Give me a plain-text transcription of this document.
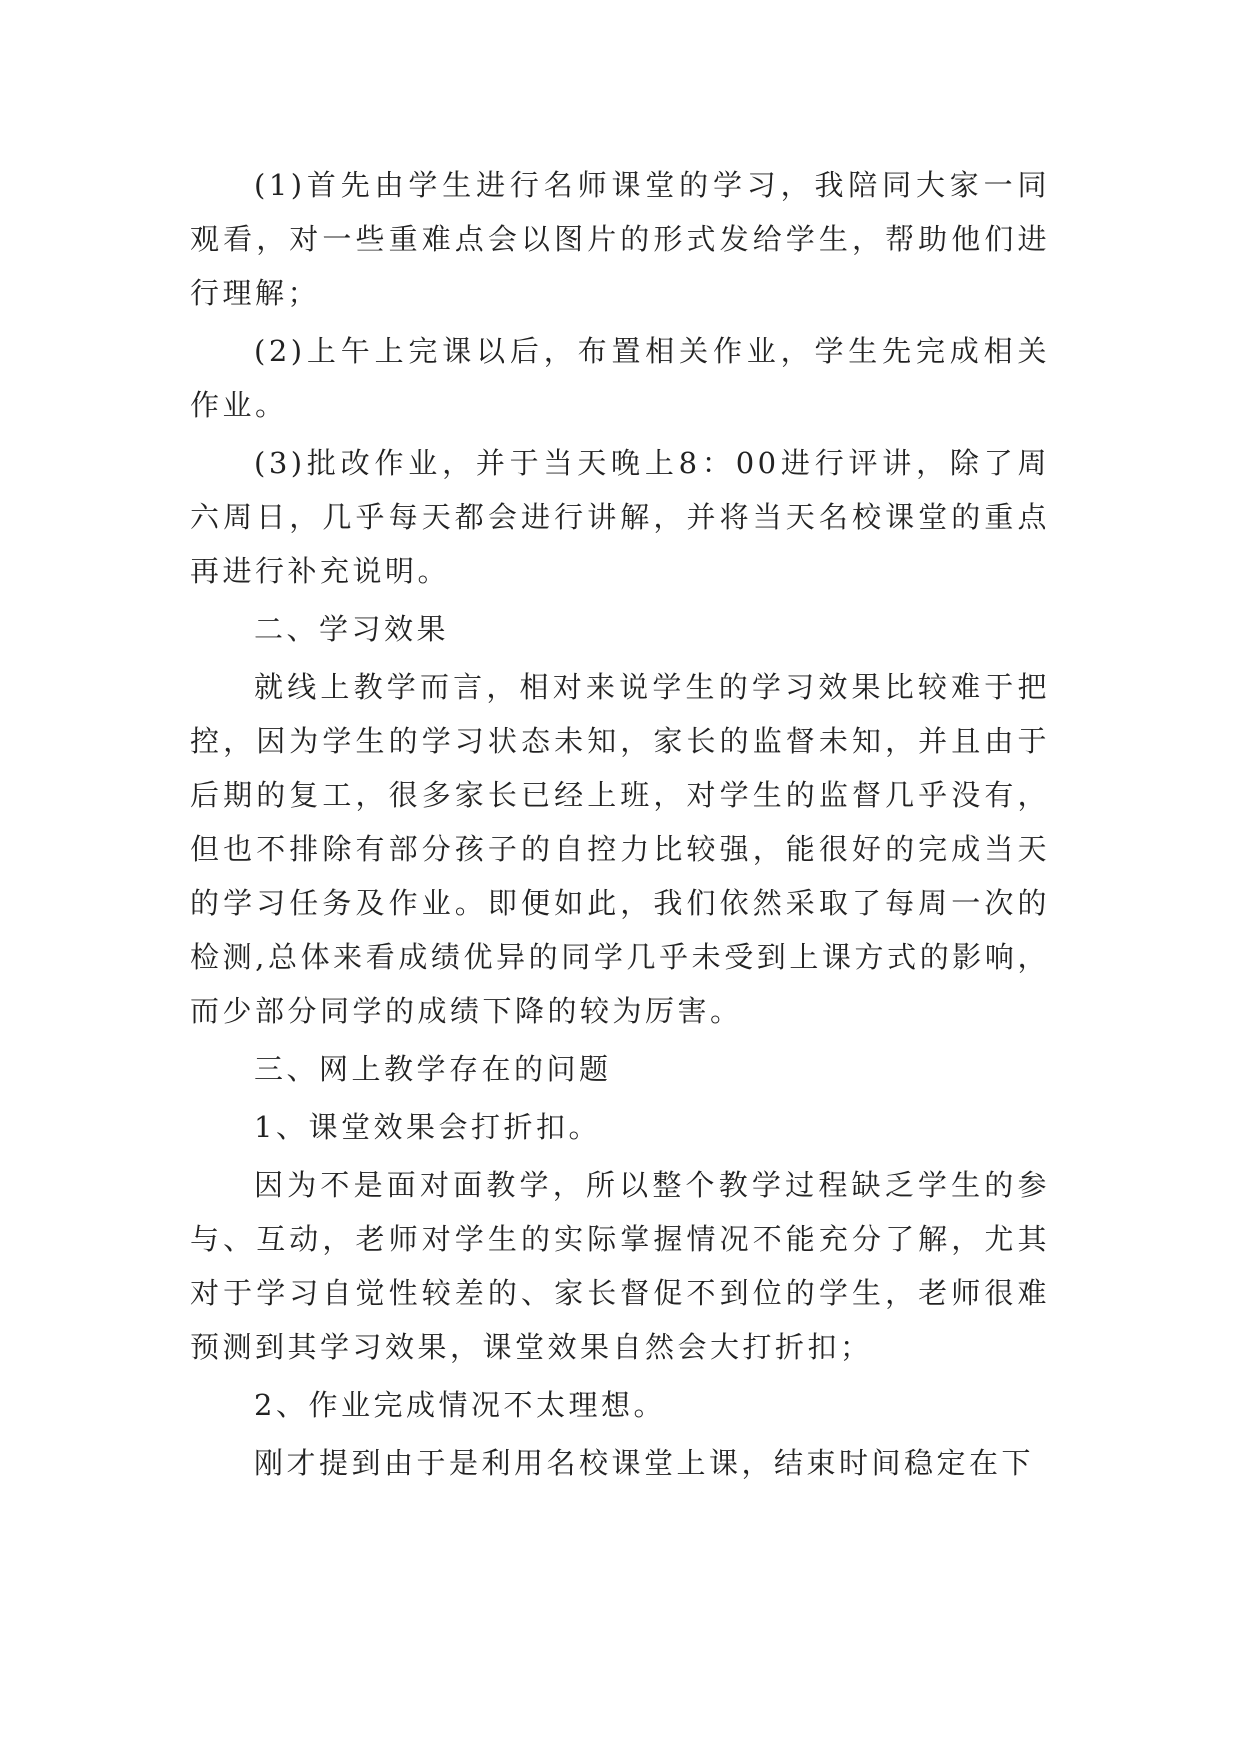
(1)首先由学生进行名师课堂的学习，我陪同大家一同观看，对一些重难点会以图片的形式发给学生，帮助他们进行理解；

(2)上午上完课以后，布置相关作业，学生先完成相关作业。

(3)批改作业，并于当天晚上8：00进行评讲，除了周六周日，几乎每天都会进行讲解，并将当天名校课堂的重点再进行补充说明。

二、学习效果

就线上教学而言，相对来说学生的学习效果比较难于把控，因为学生的学习状态未知，家长的监督未知，并且由于后期的复工，很多家长已经上班，对学生的监督几乎没有，但也不排除有部分孩子的自控力比较强，能很好的完成当天的学习任务及作业。即便如此，我们依然采取了每周一次的检测,总体来看成绩优异的同学几乎未受到上课方式的影响，而少部分同学的成绩下降的较为厉害。

三、网上教学存在的问题

1、课堂效果会打折扣。

因为不是面对面教学，所以整个教学过程缺乏学生的参与、互动，老师对学生的实际掌握情况不能充分了解，尤其对于学习自觉性较差的、家长督促不到位的学生，老师很难预测到其学习效果，课堂效果自然会大打折扣；

2、作业完成情况不太理想。

刚才提到由于是利用名校课堂上课，结束时间稳定在下
